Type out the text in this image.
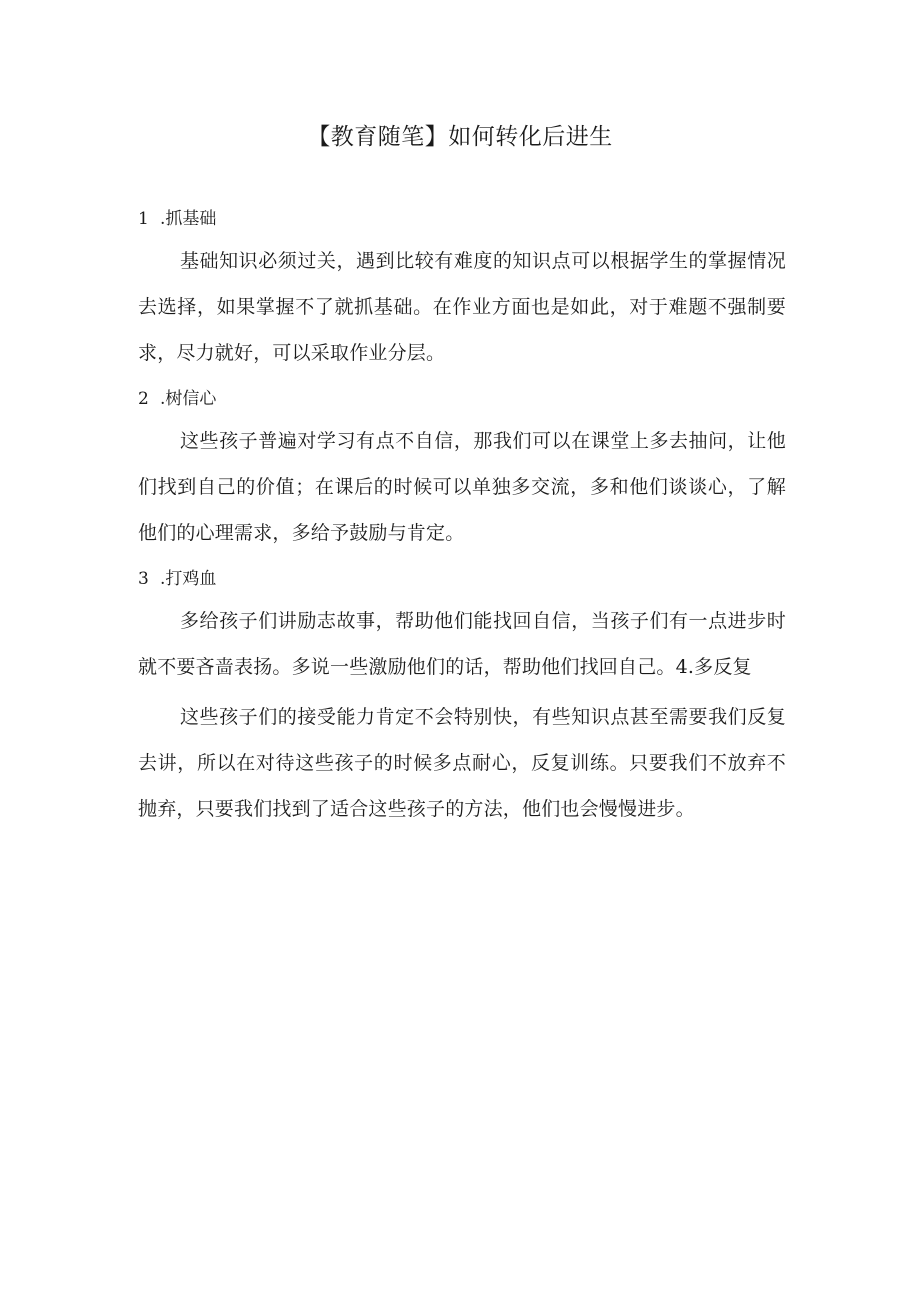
【教育随笔】如何转化后进生

1 .抓基础

基础知识必须过关，遇到比较有难度的知识点可以根据学生的掌握情况去选择，如果掌握不了就抓基础。在作业方面也是如此，对于难题不强制要求，尽力就好，可以采取作业分层。

2 .树信心

这些孩子普遍对学习有点不自信，那我们可以在课堂上多去抽问，让他们找到自己的价值；在课后的时候可以单独多交流，多和他们谈谈心，了解他们的心理需求，多给予鼓励与肯定。

3 .打鸡血

多给孩子们讲励志故事，帮助他们能找回自信，当孩子们有一点进步时就不要吝啬表扬。多说一些激励他们的话，帮助他们找回自己。4.多反复

这些孩子们的接受能力肯定不会特别快，有些知识点甚至需要我们反复去讲，所以在对待这些孩子的时候多点耐心，反复训练。只要我们不放弃不抛弃，只要我们找到了适合这些孩子的方法，他们也会慢慢进步。
